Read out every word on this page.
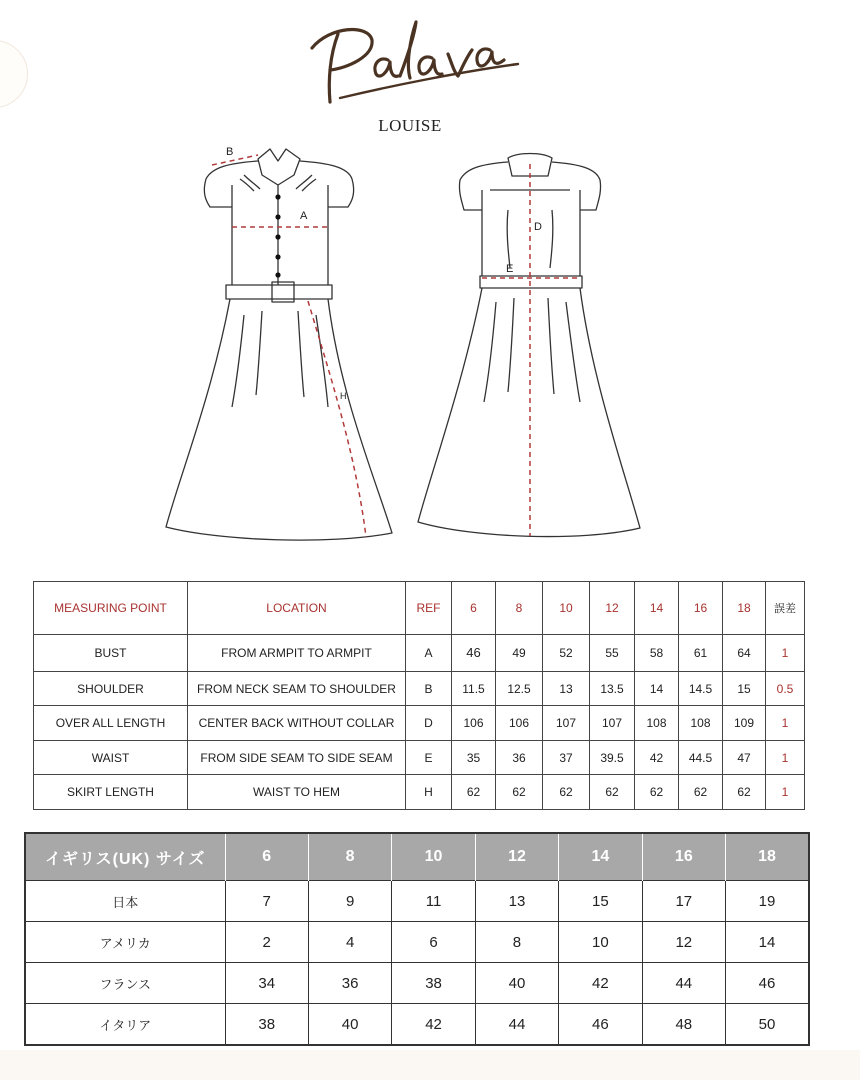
LOUISE
B
A
H
D
E
MEASURING POINT	LOCATION	REF	6	8	10	12	14	16	18	誤差
BUST	FROM ARMPIT TO ARMPIT	A	46	49	52	55	58	61	64	1
SHOULDER	FROM NECK SEAM TO SHOULDER	B	11.5	12.5	13	13.5	14	14.5	15	0.5
OVER ALL LENGTH	CENTER BACK WITHOUT COLLAR	D	106	106	107	107	108	108	109	1
WAIST	FROM SIDE SEAM TO SIDE SEAM	E	35	36	37	39.5	42	44.5	47	1
SKIRT LENGTH	WAIST TO HEM	H	62	62	62	62	62	62	62	1
イギリス(UK) サイズ	6	8	10	12	14	16	18
日本	7	9	11	13	15	17	19
アメリカ	2	4	6	8	10	12	14
フランス	34	36	38	40	42	44	46
イタリア	38	40	42	44	46	48	50
